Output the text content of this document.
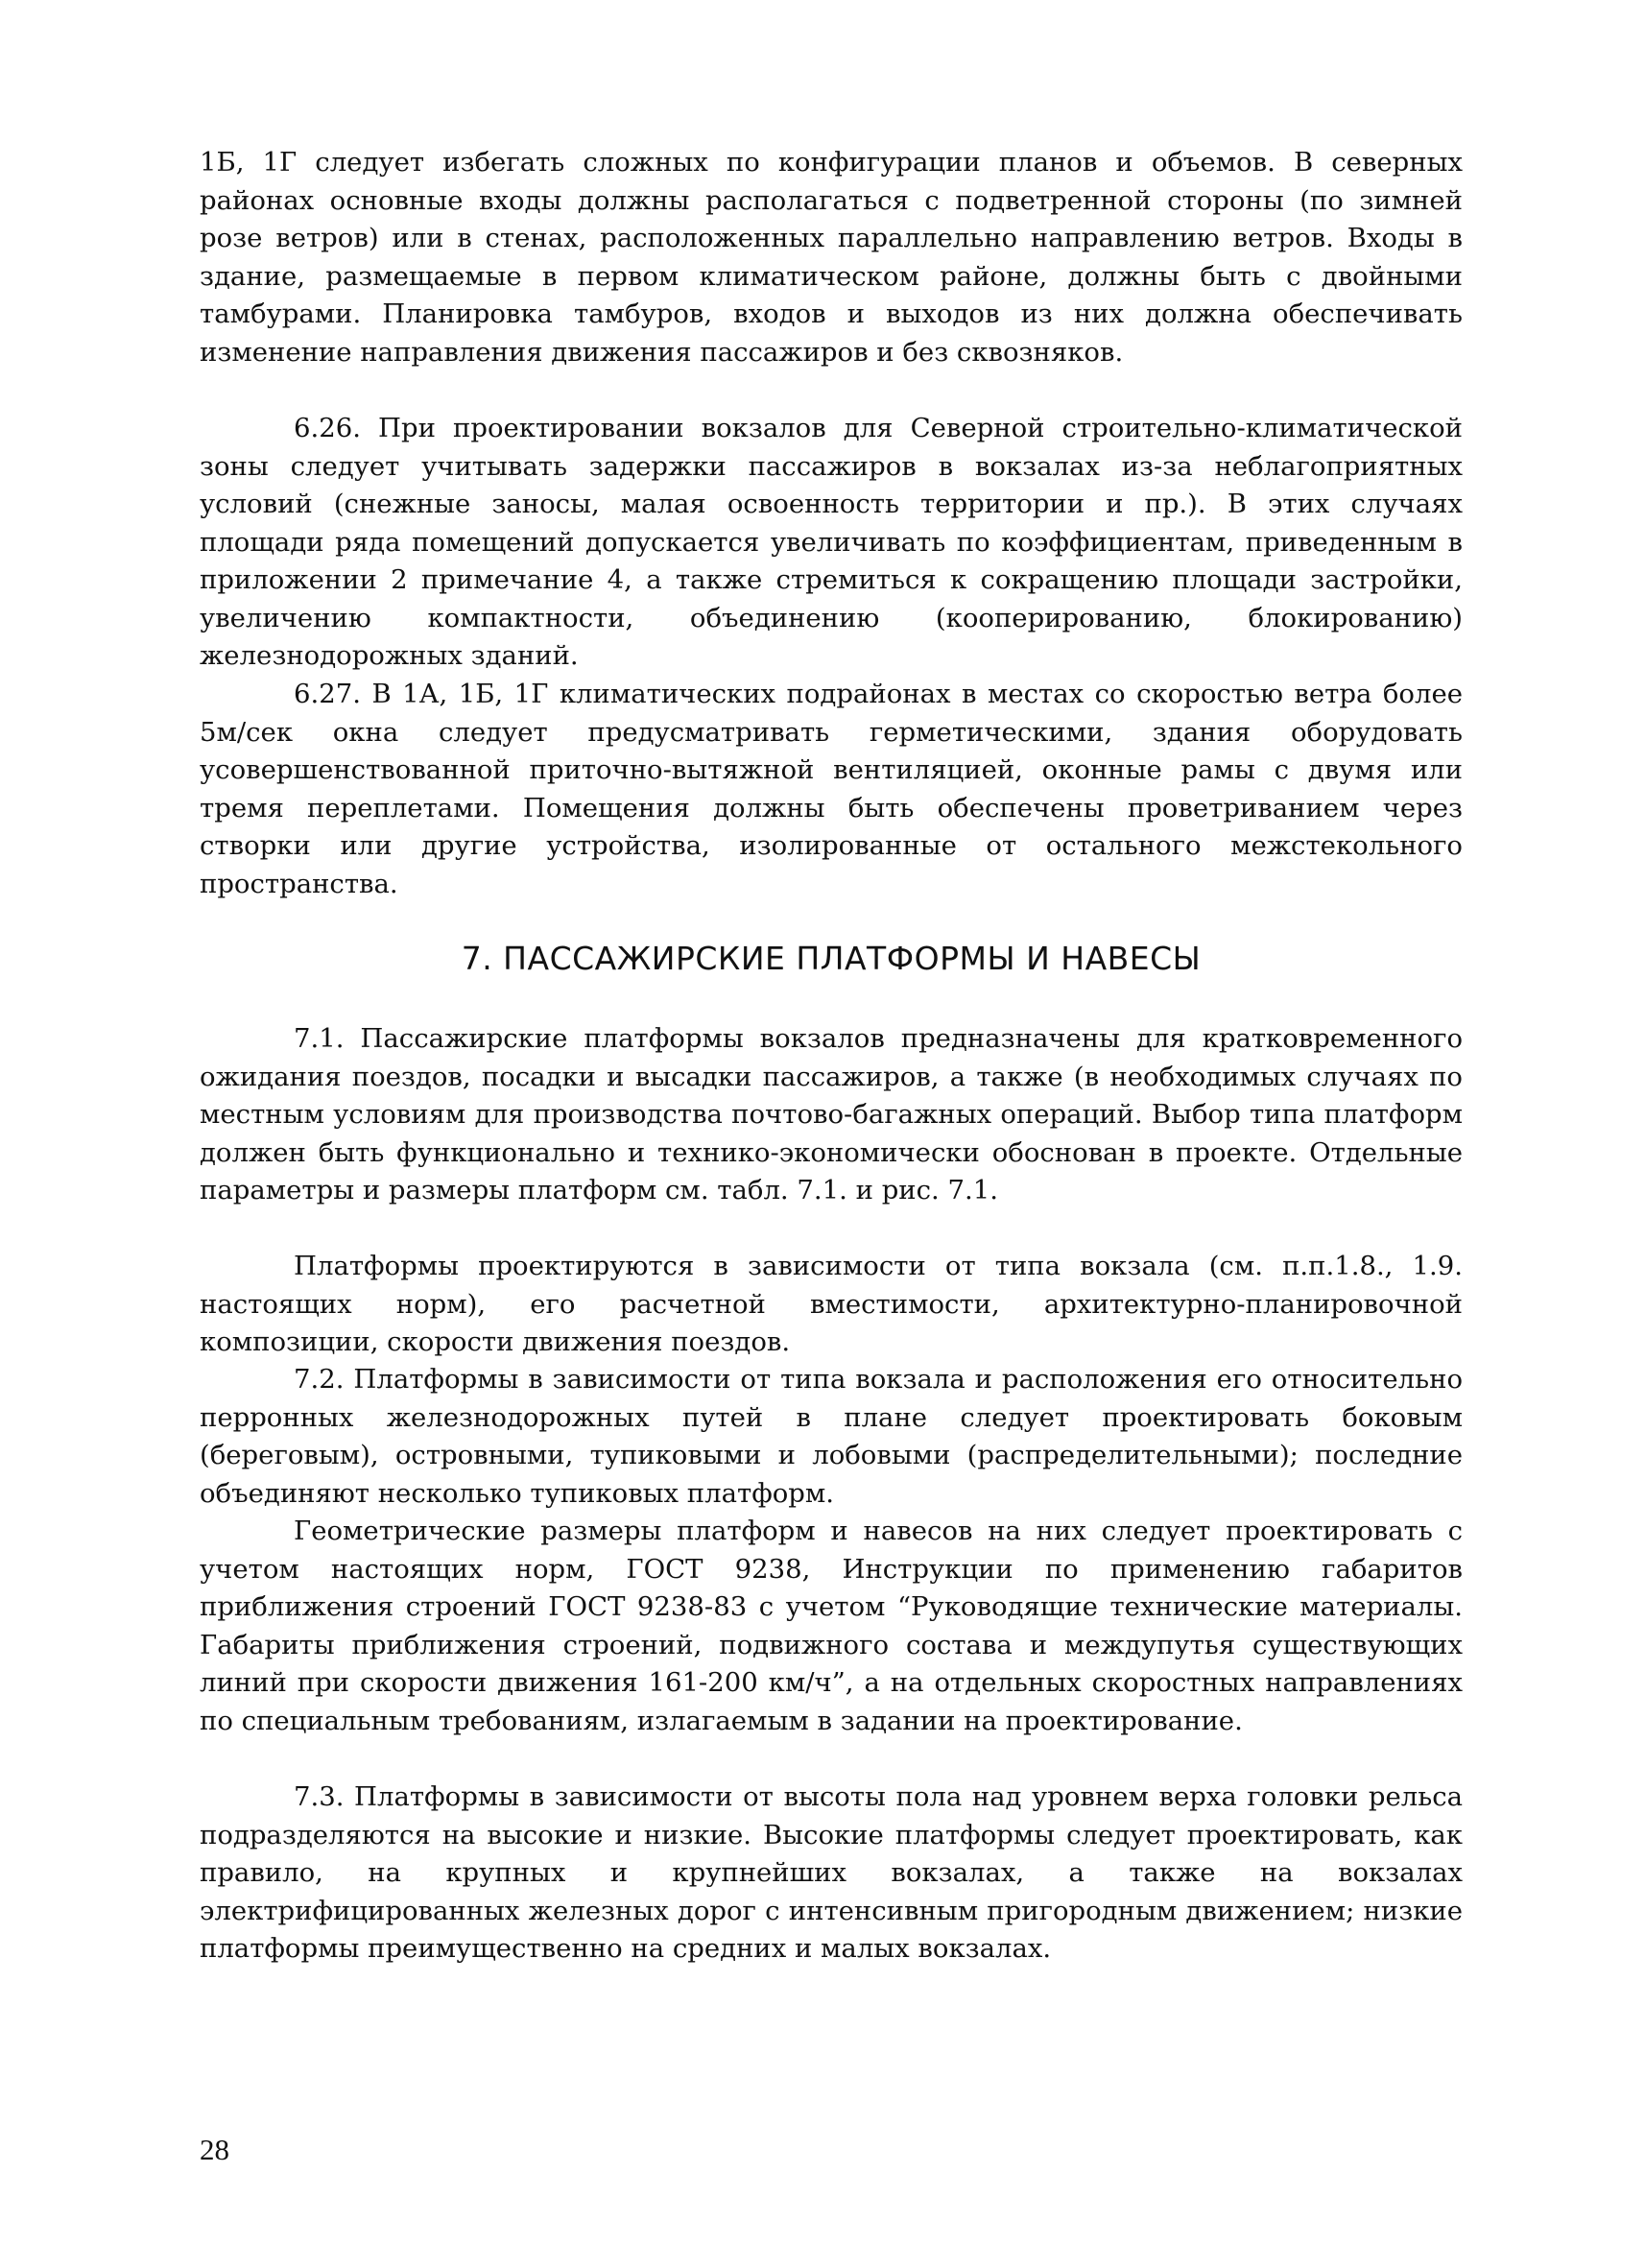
1Б, 1Г следует избегать сложных по конфигурации планов и объемов. В северных районах основные входы должны располагаться с подветренной стороны (по зимней розе ветров) или в стенах, расположенных параллельно направлению ветров. Входы в здание, размещаемые в первом климатическом районе, должны быть с двойными тамбурами. Планировка тамбуров, входов и выходов из них должна обеспечивать изменение направления движения пассажиров и без сквозняков.

6.26. При проектировании вокзалов для Северной строительно-климатической зоны следует учитывать задержки пассажиров в вокзалах из-за неблагоприятных условий (снежные заносы, малая освоенность территории и пр.). В этих случаях площади ряда помещений допускается увеличивать по коэффициентам, приведенным в приложении 2 примечание 4, а также стремиться к сокращению площади застройки, увеличению компактности, объединению (кооперированию, блокированию) железнодорожных зданий.

6.27. В 1А, 1Б, 1Г климатических подрайонах в местах со скоростью ветра более 5м/сек окна следует предусматривать герметическими, здания оборудовать усовершенствованной приточно-вытяжной вентиляцией, оконные рамы с двумя или тремя переплетами. Помещения должны быть обеспечены проветриванием через створки или другие устройства, изолированные от остального межстекольного пространства.

7. ПАССАЖИРСКИЕ ПЛАТФОРМЫ И НАВЕСЫ

7.1. Пассажирские платформы вокзалов предназначены для кратковременного ожидания поездов, посадки и высадки пассажиров, а также (в необходимых случаях по местным условиям для производства почтово-багажных операций. Выбор типа платформ должен быть функционально и технико-экономически обоснован в проекте. Отдельные параметры и размеры платформ см. табл. 7.1. и рис. 7.1.

Платформы проектируются в зависимости от типа вокзала (см. п.п.1.8., 1.9. настоящих норм), его расчетной вместимости, архитектурно-планировочной композиции, скорости движения поездов.

7.2. Платформы в зависимости от типа вокзала и расположения его относительно перронных железнодорожных путей в плане следует проектировать боковым (береговым), островными, тупиковыми и лобовыми (распределительными); последние объединяют несколько тупиковых платформ.

Геометрические размеры платформ и навесов на них следует проектировать с учетом настоящих норм, ГОСТ 9238, Инструкции по применению габаритов приближения строений ГОСТ 9238-83 с учетом “Руководящие технические материалы. Габариты приближения строений, подвижного состава и междупутья существующих линий при скорости движения 161-200 км/ч”, а на отдельных скоростных направлениях по специальным требованиям, излагаемым в задании на проектирование.

7.3. Платформы в зависимости от высоты пола над уровнем верха головки рельса подразделяются на высокие и низкие. Высокие платформы следует проектировать, как правило, на крупных и крупнейших вокзалах, а также на вокзалах электрифицированных железных дорог с интенсивным пригородным движением; низкие платформы преимущественно на средних и малых вокзалах.

28
